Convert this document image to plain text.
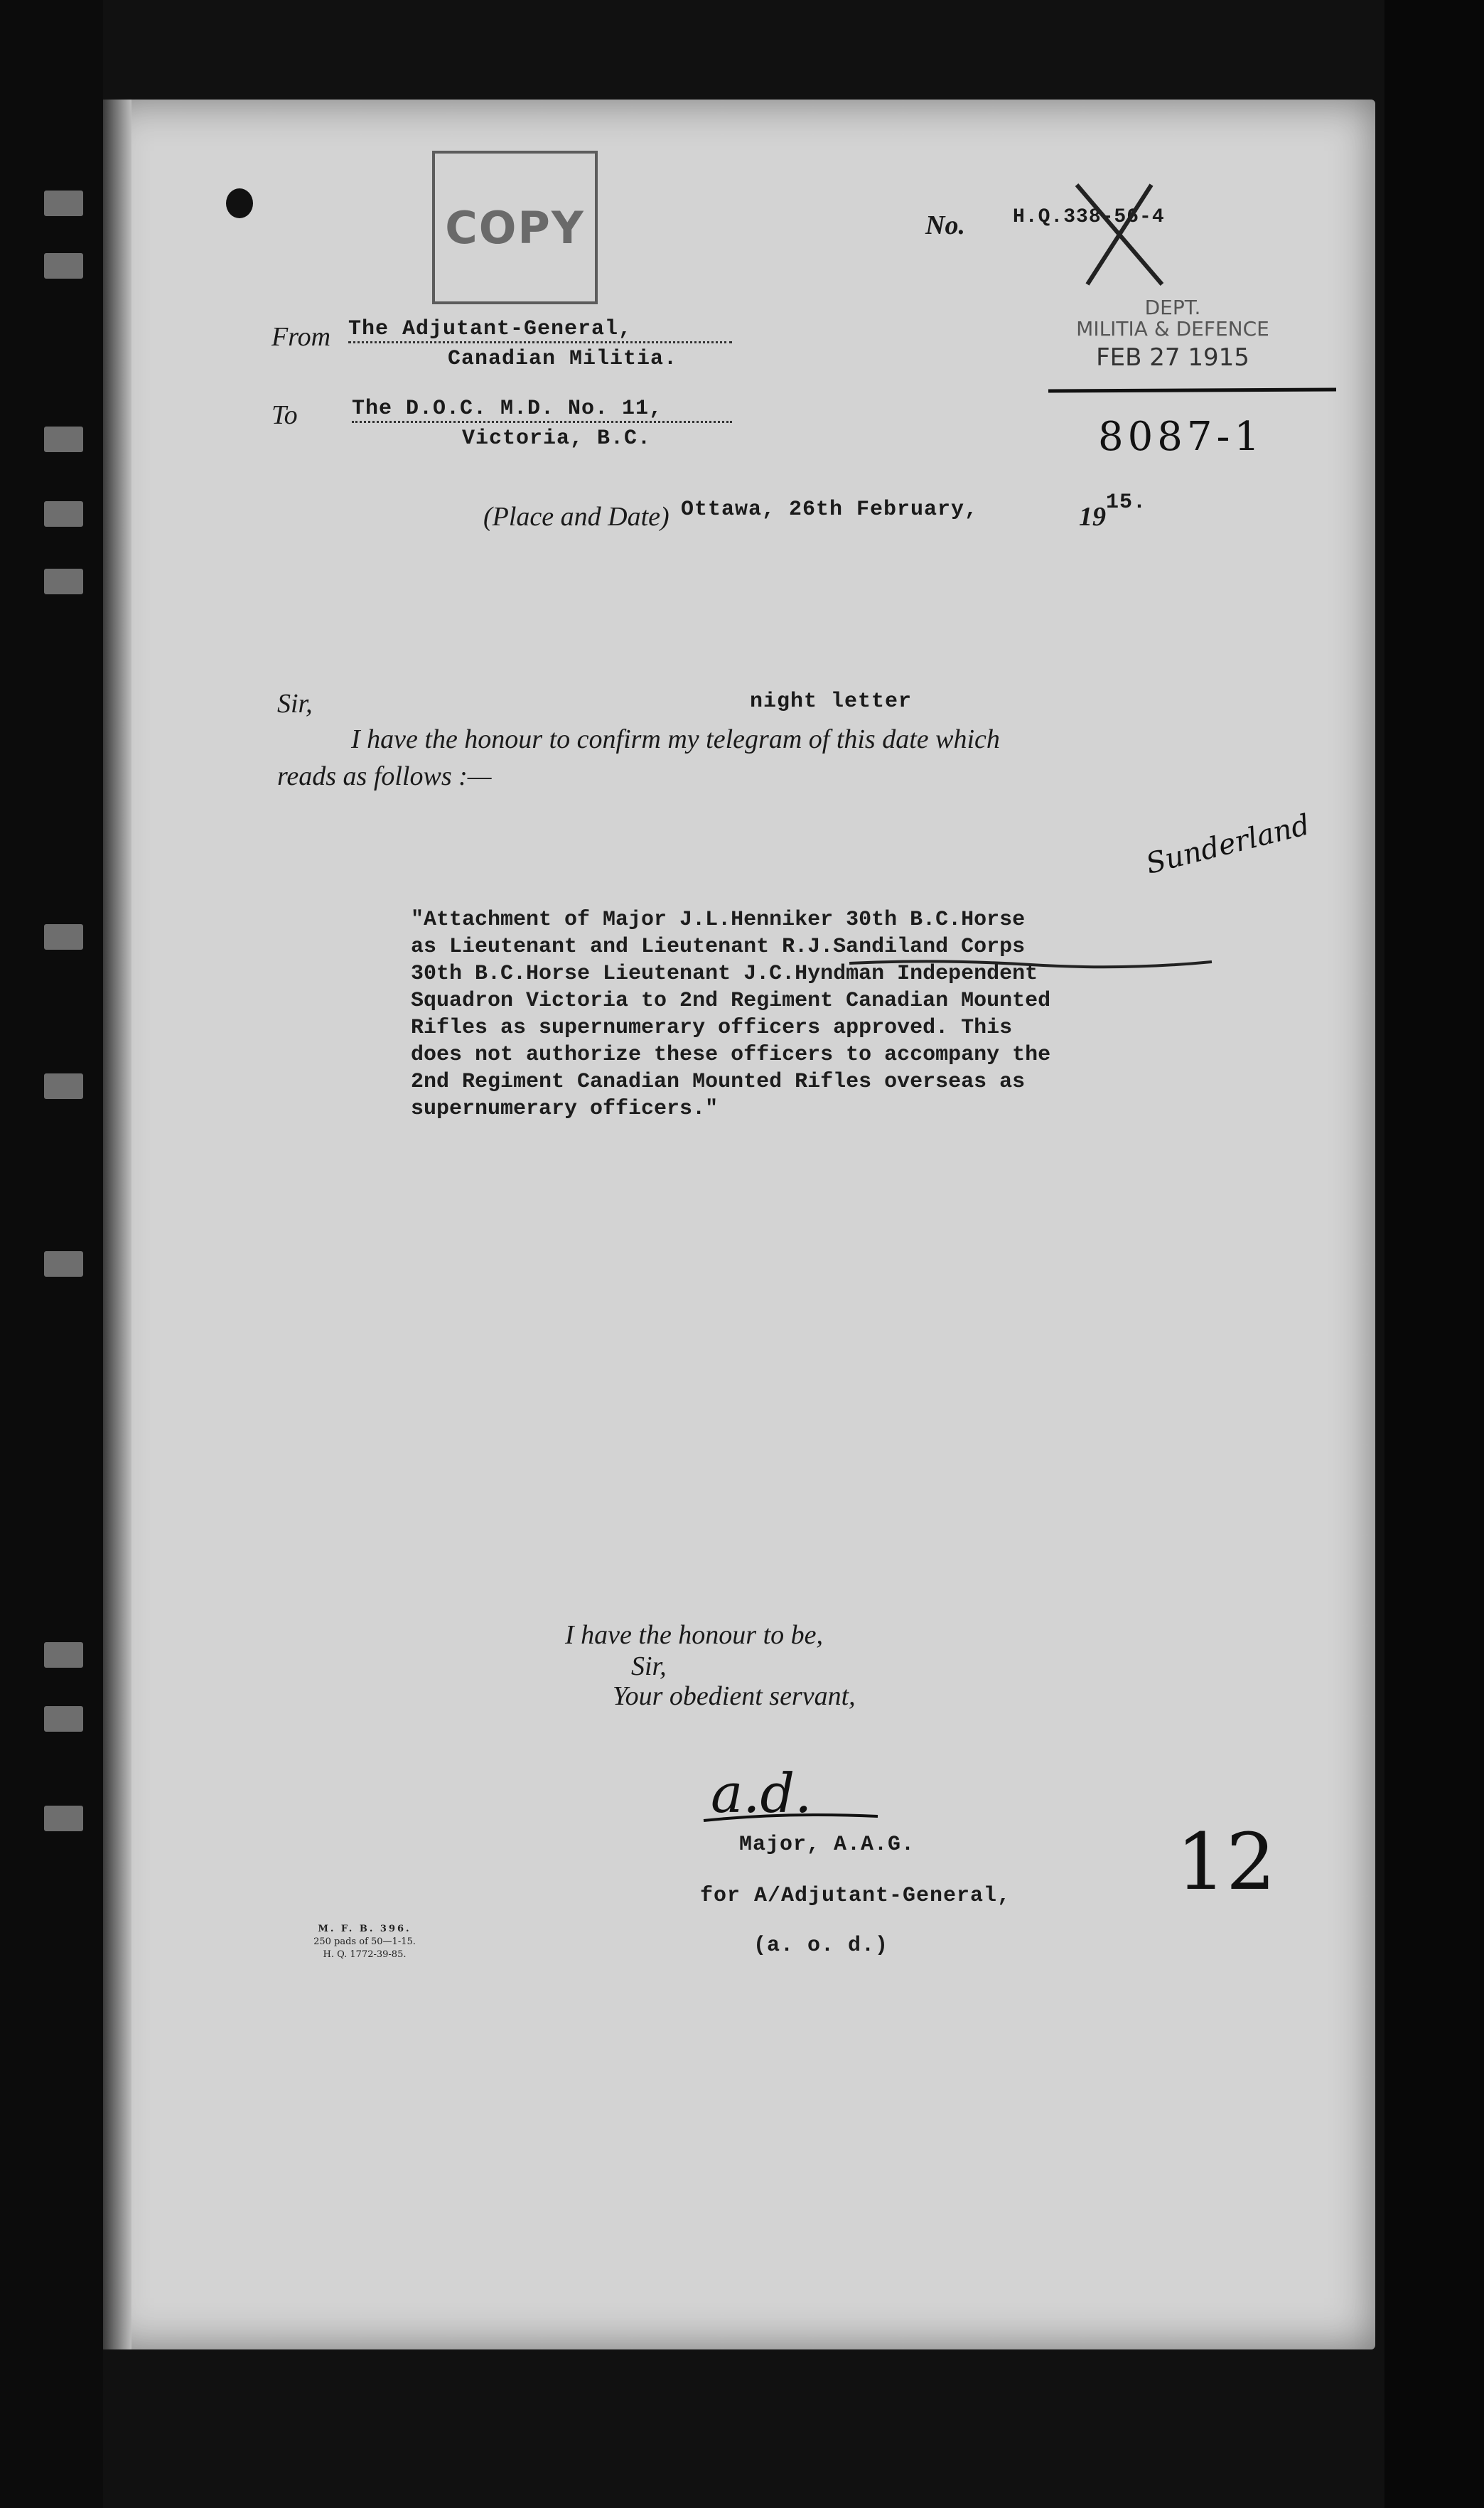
COPY	No. H.Q.338-56-4
DEPT.
MILITIA & DEFENCE
FEB 27 1915
8087-1
From The Adjutant-General,
Canadian Militia.
To	The D.O.C. M.D. No. 11,
Victoria, B.C.
(Place and Date) Ottawa, 26th February,	19 15.
Sir,	night letter
I have the honour to confirm my telegram of this date which
reads as follows :—
Sunderland
"Attachment of Major J.L.Henniker 30th B.C.Horse
as Lieutenant and Lieutenant R.J.Sandiland Corps
30th B.C.Horse Lieutenant J.C.Hyndman Independent
Squadron Victoria to 2nd Regiment Canadian Mounted
Rifles as supernumerary officers approved. This
does not authorize these officers to accompany the
2nd Regiment Canadian Mounted Rifles overseas as
supernumerary officers."
I have the honour to be,
Sir,
Your obedient servant,
a.d.
Major, A.A.G.
for A/Adjutant-General,
(a. o. d.)
12
M. F. B. 396.
250 pads of 50—1-15.
H. Q. 1772-39-85.
